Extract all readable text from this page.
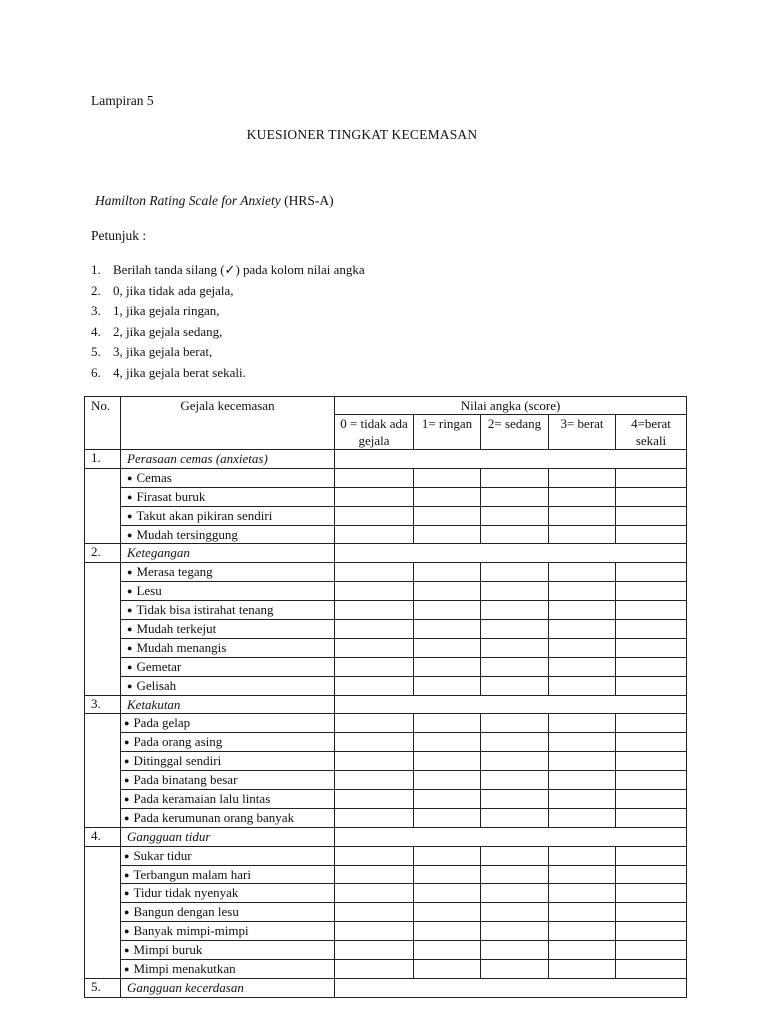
Lampiran 5
KUESIONER TINGKAT KECEMASAN
Hamilton Rating Scale for Anxiety (HRS-A)
Petunjuk :
1. Berilah tanda silang (✓) pada kolom nilai angka
2. 0, jika tidak ada gejala,
3. 1, jika gejala ringan,
4. 2, jika gejala sedang,
5. 3, jika gejala berat,
6. 4, jika gejala berat sekali.
No.	Gejala kecemasan	Nilai angka (score)				
		0 = tidak ada gejala	1= ringan	2= sedang	3= berat	4=berat sekali
1.	Perasaan cemas (anxietas)					
	● Cemas					
	● Firasat buruk					
	● Takut akan pikiran sendiri					
	● Mudah tersinggung					
2.	Ketegangan					
	● Merasa tegang					
	● Lesu					
	● Tidak bisa istirahat tenang					
	● Mudah terkejut					
	● Mudah menangis					
	● Gemetar					
	● Gelisah					
3.	Ketakutan					
	● Pada gelap					
	● Pada orang asing					
	● Ditinggal sendiri					
	● Pada binatang besar					
	● Pada keramaian lalu lintas					
	● Pada kerumunan orang banyak					
4.	Gangguan tidur					
	● Sukar tidur					
	● Terbangun malam hari					
	● Tidur tidak nyenyak					
	● Bangun dengan lesu					
	● Banyak mimpi-mimpi					
	● Mimpi buruk					
	● Mimpi menakutkan					
5.	Gangguan kecerdasan					
